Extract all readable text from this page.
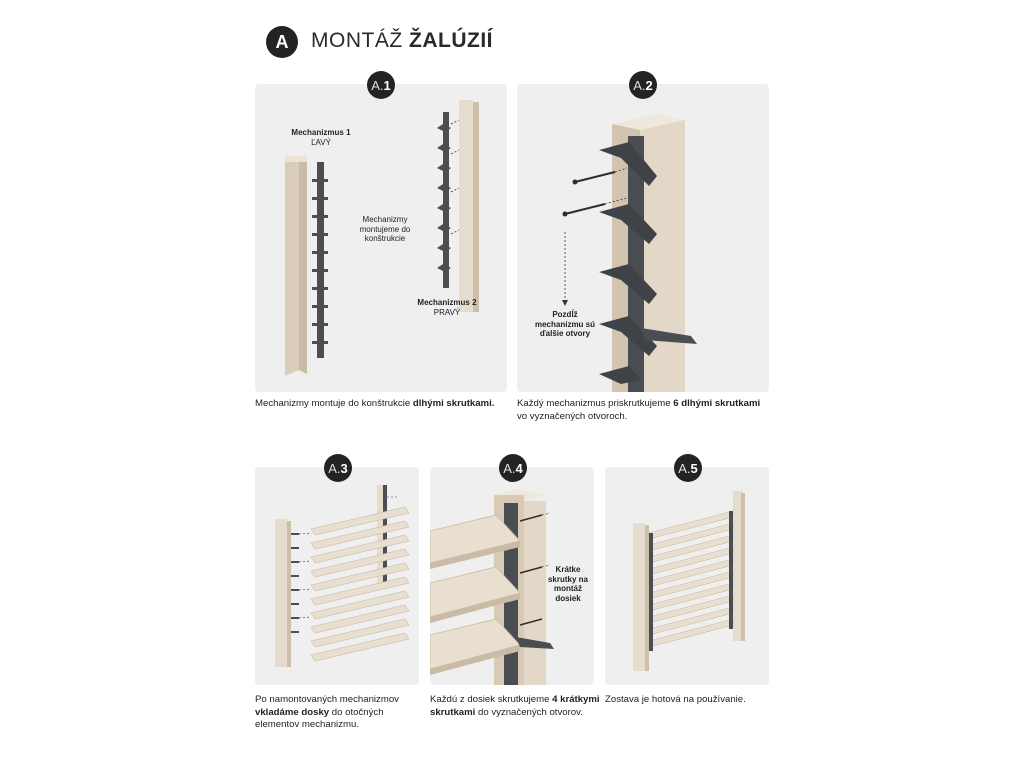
A MONTÁŽ ŽALÚZIÍ
Mechanizmus 1
ĽAVÝ
Mechanizmy montujeme do konštrukcie
Mechanizmus 2
PRAVÝ
A. 1
Mechanizmy montuje do konštrukcie dlhými skrutkami.
Pozdĺž mechanizmu sú ďalšie otvory
A. 2
Každý mechanizmus priskrutkujeme 6 dlhými skrutkami vo vyznačených otvoroch.
A. 3
Po namontovaných mechanizmov vkladáme dosky do otočných elementov mechanizmu.
Krátke skrutky na montáž dosiek
A. 4
Každú z dosiek skrutkujeme 4 krátkymi skrutkami do vyznačených otvorov.
A. 5
Zostava je hotová na používanie.
